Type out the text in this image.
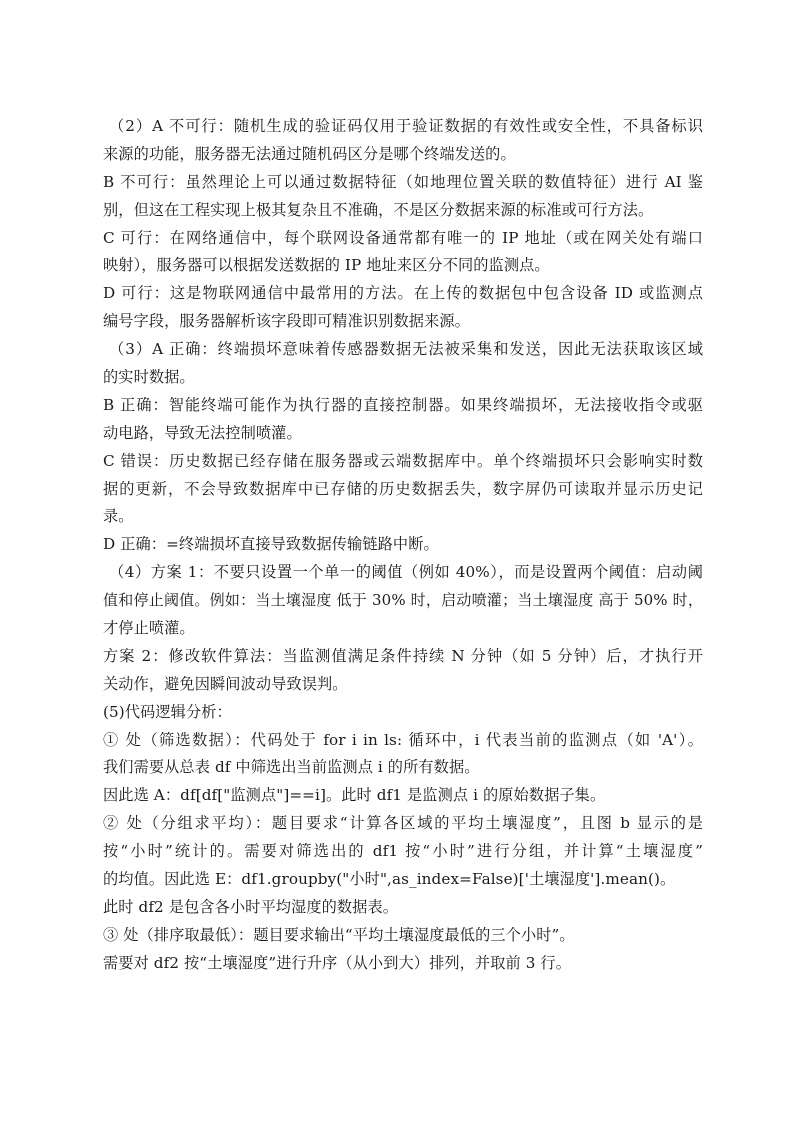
（2）A 不可行：随机生成的验证码仅用于验证数据的有效性或安全性，不具备标识
来源的功能，服务器无法通过随机码区分是哪个终端发送的。
B 不可行：虽然理论上可以通过数据特征（如地理位置关联的数值特征）进行 AI 鉴
别，但这在工程实现上极其复杂且不准确，不是区分数据来源的标准或可行方法。
C 可行：在网络通信中，每个联网设备通常都有唯一的 IP 地址（或在网关处有端口
映射），服务器可以根据发送数据的 IP 地址来区分不同的监测点。
D 可行：这是物联网通信中最常用的方法。在上传的数据包中包含设备 ID 或监测点
编号字段，服务器解析该字段即可精准识别数据来源。
（3）A 正确：终端损坏意味着传感器数据无法被采集和发送，因此无法获取该区域
的实时数据。
B 正确：智能终端可能作为执行器的直接控制器。如果终端损坏，无法接收指令或驱
动电路，导致无法控制喷灌。
C 错误：历史数据已经存储在服务器或云端数据库中。单个终端损坏只会影响实时数
据的更新，不会导致数据库中已存储的历史数据丢失，数字屏仍可读取并显示历史记
录。
D 正确：=终端损坏直接导致数据传输链路中断。
（4）方案 1：不要只设置一个单一的阈值（例如 40%），而是设置两个阈值：启动阈
值和停止阈值。例如：当土壤湿度 低于 30% 时，启动喷灌；当土壤湿度 高于 50% 时，
才停止喷灌。
方案 2：修改软件算法：当监测值满足条件持续 N 分钟（如 5 分钟）后，才执行开
关动作，避免因瞬间波动导致误判。
(5)代码逻辑分析：
① 处（筛选数据）：代码处于 for i in ls: 循环中，i 代表当前的监测点（如 'A'）。
我们需要从总表 df 中筛选出当前监测点 i 的所有数据。
因此选 A：df[df["监测点"]==i]。此时 df1 是监测点 i 的原始数据子集。
② 处（分组求平均）：题目要求“计算各区域的平均土壤湿度”，且图 b 显示的是
按“小时”统计的。需要对筛选出的 df1 按“小时”进行分组，并计算“土壤湿度”
的均值。因此选 E：df1.groupby("小时",as_index=False)['土壤湿度'].mean()。
此时 df2 是包含各小时平均湿度的数据表。
③ 处（排序取最低）：题目要求输出“平均土壤湿度最低的三个小时”。
需要对 df2 按“土壤湿度”进行升序（从小到大）排列，并取前 3 行。
